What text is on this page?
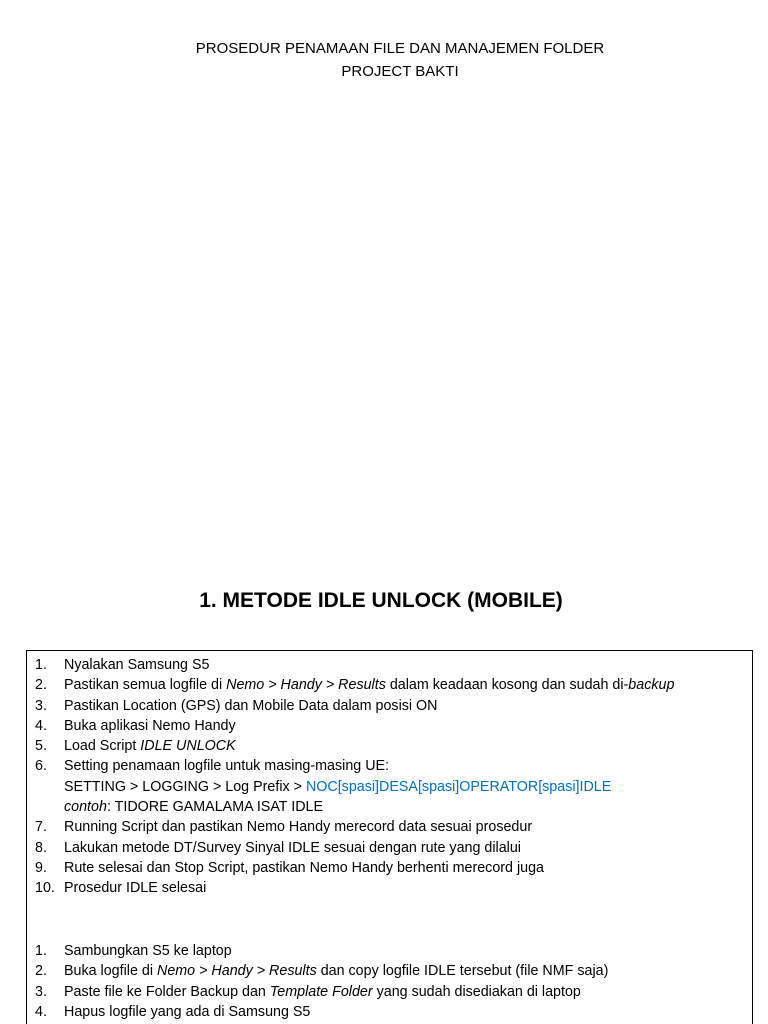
PROSEDUR PENAMAAN FILE DAN MANAJEMEN FOLDER
PROJECT BAKTI
1. METODE IDLE UNLOCK (MOBILE)
1. Nyalakan Samsung S5
2. Pastikan semua logfile di Nemo > Handy > Results dalam keadaan kosong dan sudah di-backup
3. Pastikan Location (GPS) dan Mobile Data dalam posisi ON
4. Buka aplikasi Nemo Handy
5. Load Script IDLE UNLOCK
6. Setting penamaan logfile untuk masing-masing UE:
SETTING > LOGGING > Log Prefix > NOC[spasi]DESA[spasi]OPERATOR[spasi]IDLE
contoh: TIDORE GAMALAMA ISAT IDLE
7. Running Script dan pastikan Nemo Handy merecord data sesuai prosedur
8. Lakukan metode DT/Survey Sinyal IDLE sesuai dengan rute yang dilalui
9. Rute selesai dan Stop Script, pastikan Nemo Handy berhenti merecord juga
10. Prosedur IDLE selesai
1. Sambungkan S5 ke laptop
2. Buka logfile di Nemo > Handy > Results dan copy logfile IDLE tersebut (file NMF saja)
3. Paste file ke Folder Backup dan Template Folder yang sudah disediakan di laptop
4. Hapus logfile yang ada di Samsung S5
